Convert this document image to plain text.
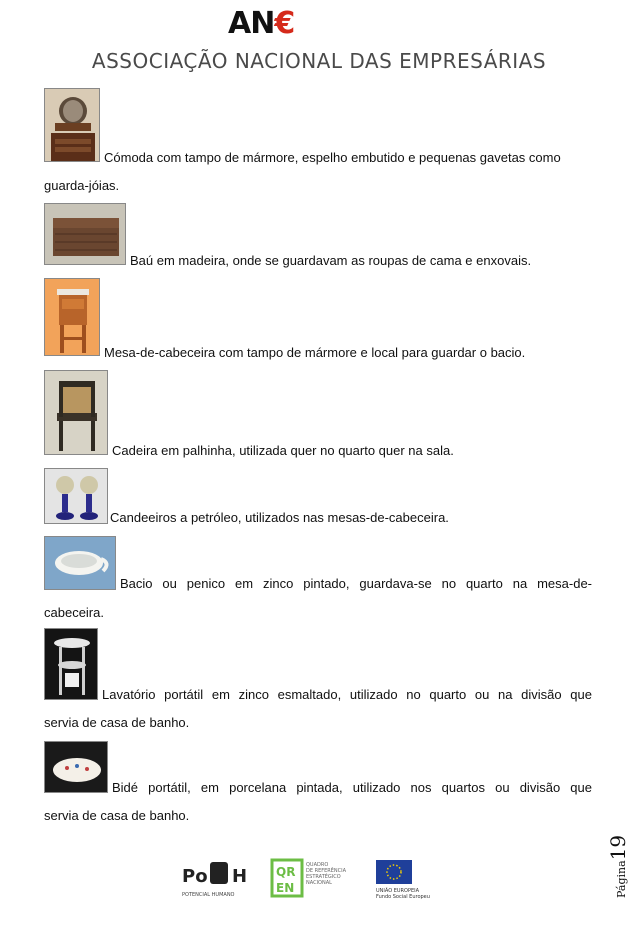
AN€
ASSOCIAÇÃO NACIONAL DAS EMPRESÁRIAS
Cómoda com tampo de mármore, espelho embutido e pequenas gavetas como
guarda-jóias.
Baú em madeira, onde se guardavam as roupas de cama e enxovais.
Mesa-de-cabeceira com tampo de mármore e local para guardar o bacio.
Cadeira em palhinha, utilizada quer no quarto quer na sala.
Candeeiros a petróleo, utilizados nas mesas-de-cabeceira.
Bacio ou penico em zinco pintado, guardava-se no quarto na mesa-de-
cabeceira.
Lavatório portátil em zinco esmaltado, utilizado no quarto ou na divisão que
servia de casa de banho.
Bidé portátil, em porcelana pintada, utilizado nos quartos ou divisão que
servia de casa de banho.
Página19
Po H
POTENCIAL HUMANO
QR
EN
QUADRO
DE REFERÊNCIA
ESTRATÉGICO
NACIONAL
UNIÃO EUROPEIA
Fundo Social Europeu
